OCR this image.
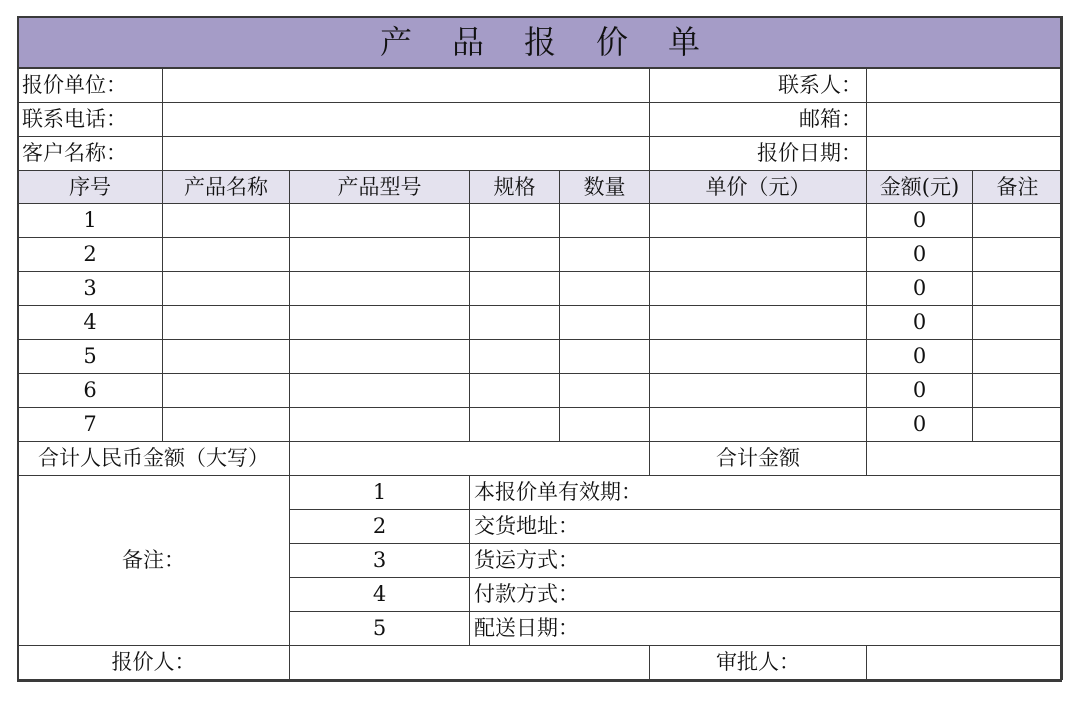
产品报价单							
报价单位：					联系人：		
联系电话：					邮箱：		
客户名称：					报价日期：		
序号	产品名称	产品型号	规格	数量	单价（元）	金额(元)	备注
1						0	
2						0	
3						0	
4						0	
5						0	
6						0	
7						0	
合计人民币金额（大写）					合计金额		
备注：		1	本报价单有效期：				
		2	交货地址：				
		3	货运方式：				
		4	付款方式：				
		5	配送日期：				
报价人：					审批人：		
